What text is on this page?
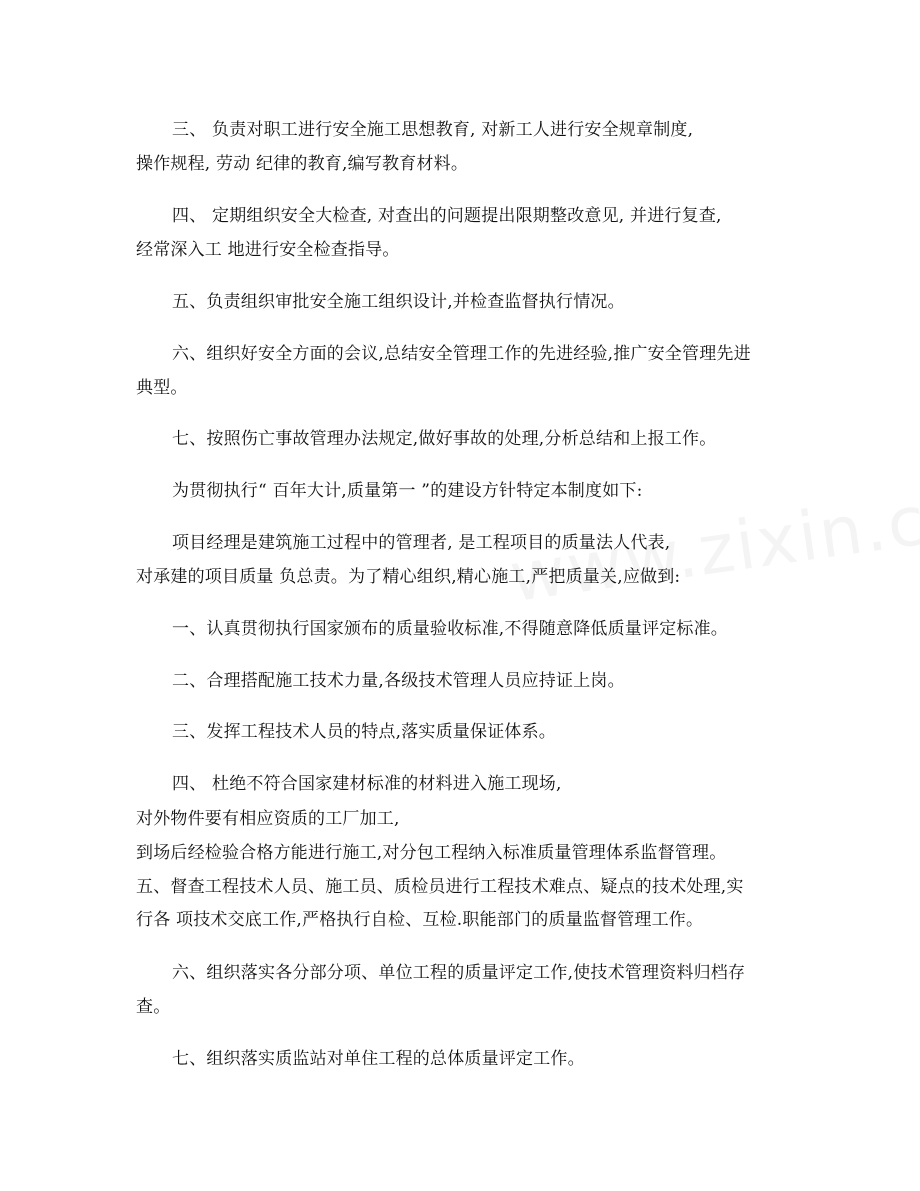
三、 负责对职工进行安全施工思想教育, 对新工人进行安全规章制度,
操作规程, 劳动 纪律的教育,编写教育材料。
四、 定期组织安全大检查, 对查出的问题提出限期整改意见, 并进行复查,
经常深入工 地进行安全检查指导。
五、负责组织审批安全施工组织设计,并检查监督执行情况。
六、组织好安全方面的会议,总结安全管理工作的先进经验,推广安全管理先进
典型。
七、按照伤亡事故管理办法规定,做好事故的处理,分析总结和上报工作。
为贯彻执行“ 百年大计,质量第一 ”的建设方针特定本制度如下:
项目经理是建筑施工过程中的管理者, 是工程项目的质量法人代表,
对承建的项目质量 负总责。为了精心组织,精心施工,严把质量关,应做到:
一、认真贯彻执行国家颁布的质量验收标准,不得随意降低质量评定标准。
二、合理搭配施工技术力量,各级技术管理人员应持证上岗。
三、发挥工程技术人员的特点,落实质量保证体系。
四、 杜绝不符合国家建材标准的材料进入施工现场,
对外物件要有相应资质的工厂加工,
到场后经检验合格方能进行施工,对分包工程纳入标准质量管理体系监督管理。
五、督查工程技术人员、施工员、质检员进行工程技术难点、疑点的技术处理,实
行各 项技术交底工作,严格执行自检、互检.职能部门的质量监督管理工作。
六、组织落实各分部分项、单位工程的质量评定工作,使技术管理资料归档存
查。
七、组织落实质监站对单住工程的总体质量评定工作。
